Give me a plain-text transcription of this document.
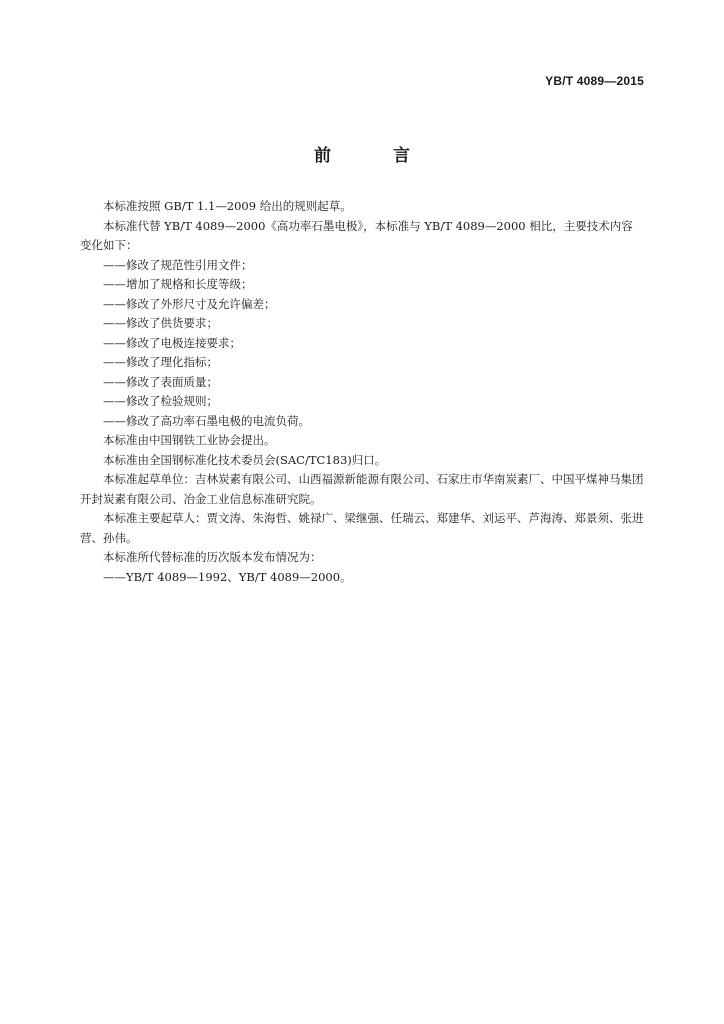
YB/T 4089—2015
前 言

本标准按照 GB/T 1.1—2009 给出的规则起草。

本标准代替 YB/T 4089—2000《高功率石墨电极》，本标准与 YB/T 4089—2000 相比，主要技术内容变化如下：

——修改了规范性引用文件；

——增加了规格和长度等级；

——修改了外形尺寸及允许偏差；

——修改了供货要求；

——修改了电极连接要求；

——修改了理化指标；

——修改了表面质量；

——修改了检验规则；

——修改了高功率石墨电极的电流负荷。

本标准由中国钢铁工业协会提出。

本标准由全国钢标准化技术委员会(SAC/TC183)归口。

本标准起草单位：吉林炭素有限公司、山西福源新能源有限公司、石家庄市华南炭素厂、中国平煤神马集团开封炭素有限公司、冶金工业信息标准研究院。

本标准主要起草人：贾文涛、朱海哲、姚禄广、梁继强、任瑞云、郑建华、刘运平、芦海涛、郑景须、张进营、孙伟。

本标准所代替标准的历次版本发布情况为：

——YB/T 4089—1992、YB/T 4089—2000。
